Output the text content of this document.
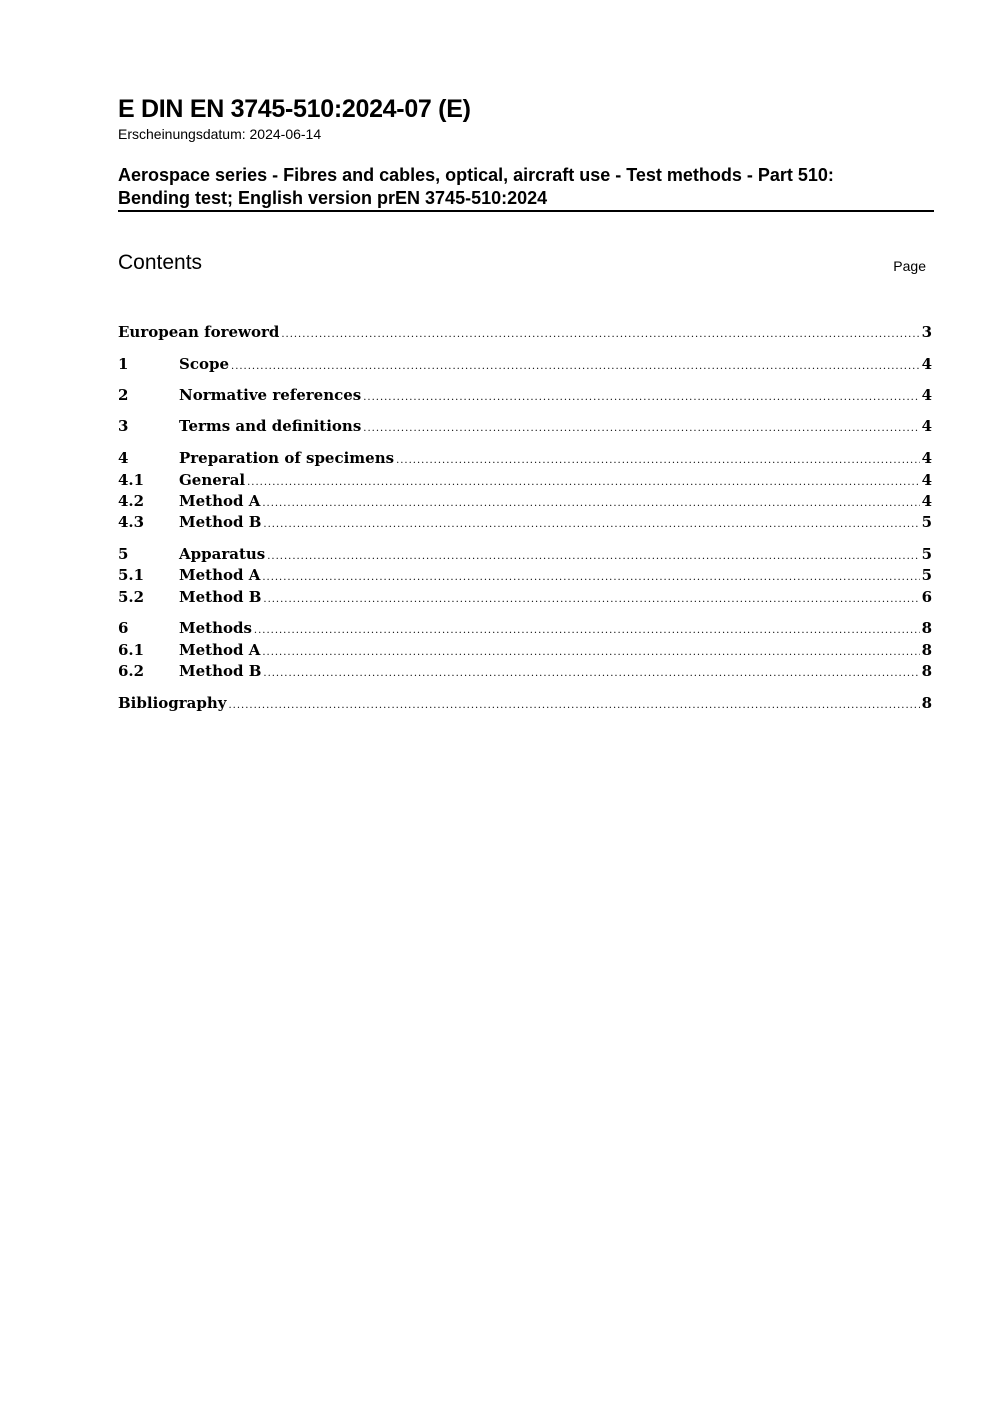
E DIN EN 3745-510:2024-07 (E)
Erscheinungsdatum: 2024-06-14
Aerospace series - Fibres and cables, optical, aircraft use - Test methods - Part 510:
Bending test; English version prEN 3745-510:2024
Contents	Page
European foreword .....	3
1	Scope .....	4
2	Normative references .....	4
3	Terms and definitions .....	4
4	Preparation of specimens .....	4
4.1	General .....	4
4.2	Method A .....	4
4.3	Method B .....	5
5	Apparatus .....	5
5.1	Method A .....	5
5.2	Method B .....	6
6	Methods .....	8
6.1	Method A .....	8
6.2	Method B .....	8
Bibliography .....	8
